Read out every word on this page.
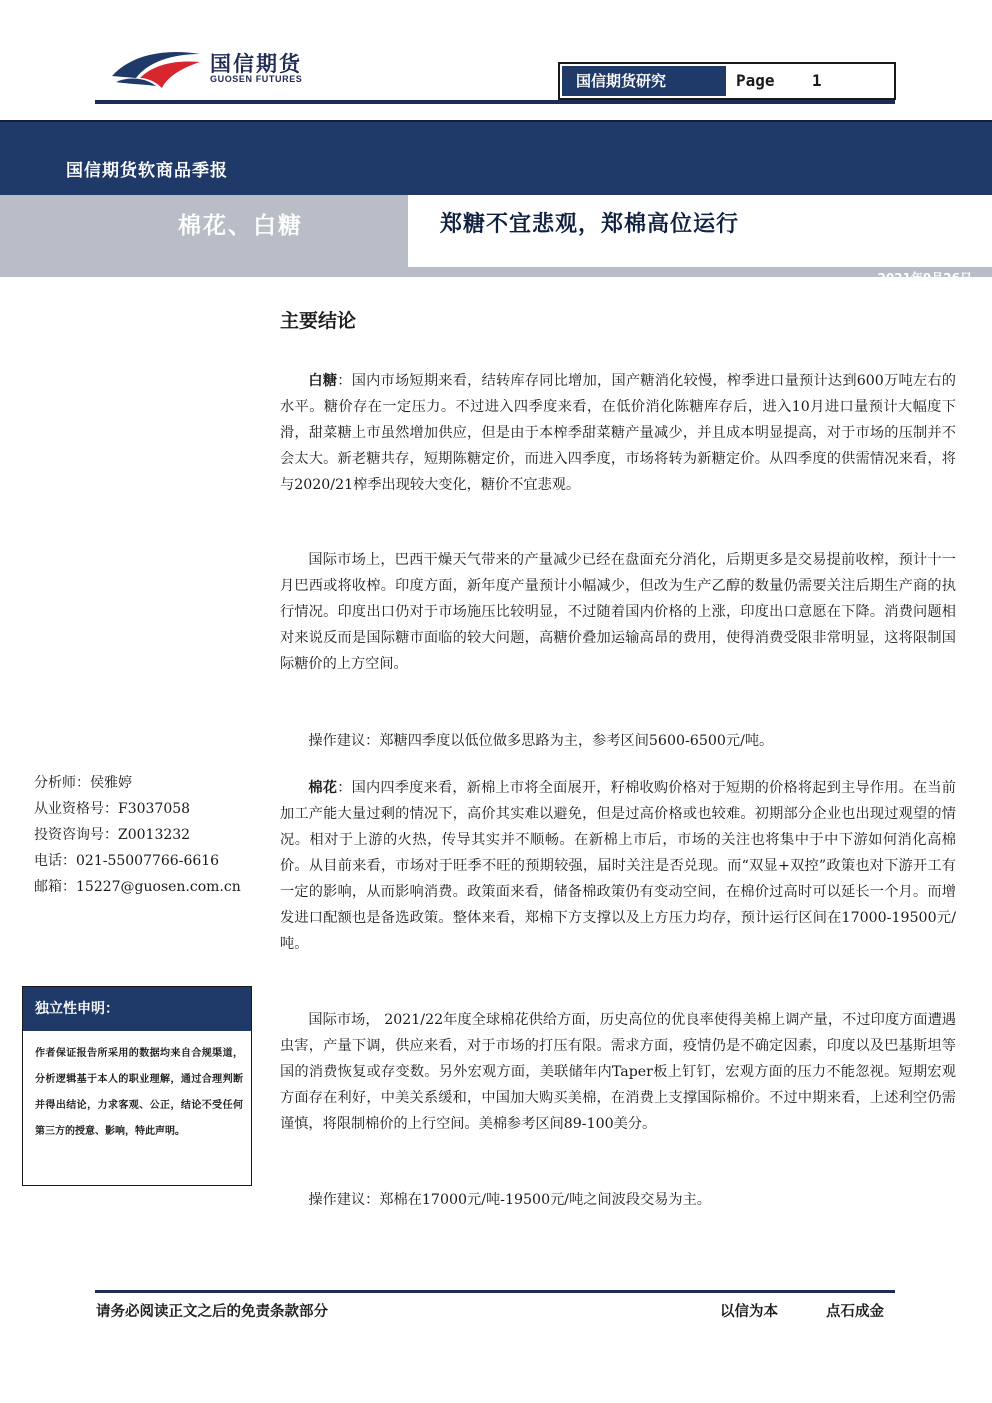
国信期货
GUOSEN FUTURES	国信期货研究	Page 1
国信期货软商品季报
棉花、白糖	郑糖不宜悲观，郑棉高位运行
2021年9月26日
主要结论
白糖：国内市场短期来看，结转库存同比增加，国产糖消化较慢，榨季进口量预计达到600万吨左右的水平。糖价存在一定压力。不过进入四季度来看，在低价消化陈糖库存后，进入10月进口量预计大幅度下滑，甜菜糖上市虽然增加供应，但是由于本榨季甜菜糖产量减少，并且成本明显提高，对于市场的压制并不会太大。新老糖共存，短期陈糖定价，而进入四季度，市场将转为新糖定价。从四季度的供需情况来看，将与2020/21榨季出现较大变化，糖价不宜悲观。
国际市场上，巴西干燥天气带来的产量减少已经在盘面充分消化，后期更多是交易提前收榨，预计十一月巴西或将收榨。印度方面，新年度产量预计小幅减少，但改为生产乙醇的数量仍需要关注后期生产商的执行情况。印度出口仍对于市场施压比较明显，不过随着国内价格的上涨，印度出口意愿在下降。消费问题相对来说反而是国际糖市面临的较大问题，高糖价叠加运输高昂的费用，使得消费受限非常明显，这将限制国际糖价的上方空间。
操作建议：郑糖四季度以低位做多思路为主，参考区间5600-6500元/吨。
棉花：国内四季度来看，新棉上市将全面展开，籽棉收购价格对于短期的价格将起到主导作用。在当前加工产能大量过剩的情况下，高价其实难以避免，但是过高价格或也较难。初期部分企业也出现过观望的情况。相对于上游的火热，传导其实并不顺畅。在新棉上市后，市场的关注也将集中于中下游如何消化高棉价。从目前来看，市场对于旺季不旺的预期较强，届时关注是否兑现。而“双显+双控”政策也对下游开工有一定的影响，从而影响消费。政策面来看，储备棉政策仍有变动空间，在棉价过高时可以延长一个月。而增发进口配额也是备选政策。整体来看，郑棉下方支撑以及上方压力均存，预计运行区间在17000-19500元/吨。
国际市场， 2021/22年度全球棉花供给方面，历史高位的优良率使得美棉上调产量，不过印度方面遭遇虫害，产量下调，供应来看，对于市场的打压有限。需求方面，疫情仍是不确定因素，印度以及巴基斯坦等国的消费恢复或存变数。另外宏观方面，美联储年内Taper板上钉钉，宏观方面的压力不能忽视。短期宏观方面存在利好，中美关系缓和，中国加大购买美棉，在消费上支撑国际棉价。不过中期来看，上述利空仍需谨慎，将限制棉价的上行空间。美棉参考区间89-100美分。
操作建议：郑棉在17000元/吨-19500元/吨之间波段交易为主。
分析师：侯雅婷
从业资格号：F3037058
投资咨询号：Z0013232
电话：021-55007766-6616
邮箱：15227@guosen.com.cn
独立性申明：
作者保证报告所采用的数据均来自合规渠道，分析逻辑基于本人的职业理解，通过合理判断并得出结论，力求客观、公正，结论不受任何第三方的授意、影响，特此声明。
请务必阅读正文之后的免责条款部分	以信为本	点石成金
